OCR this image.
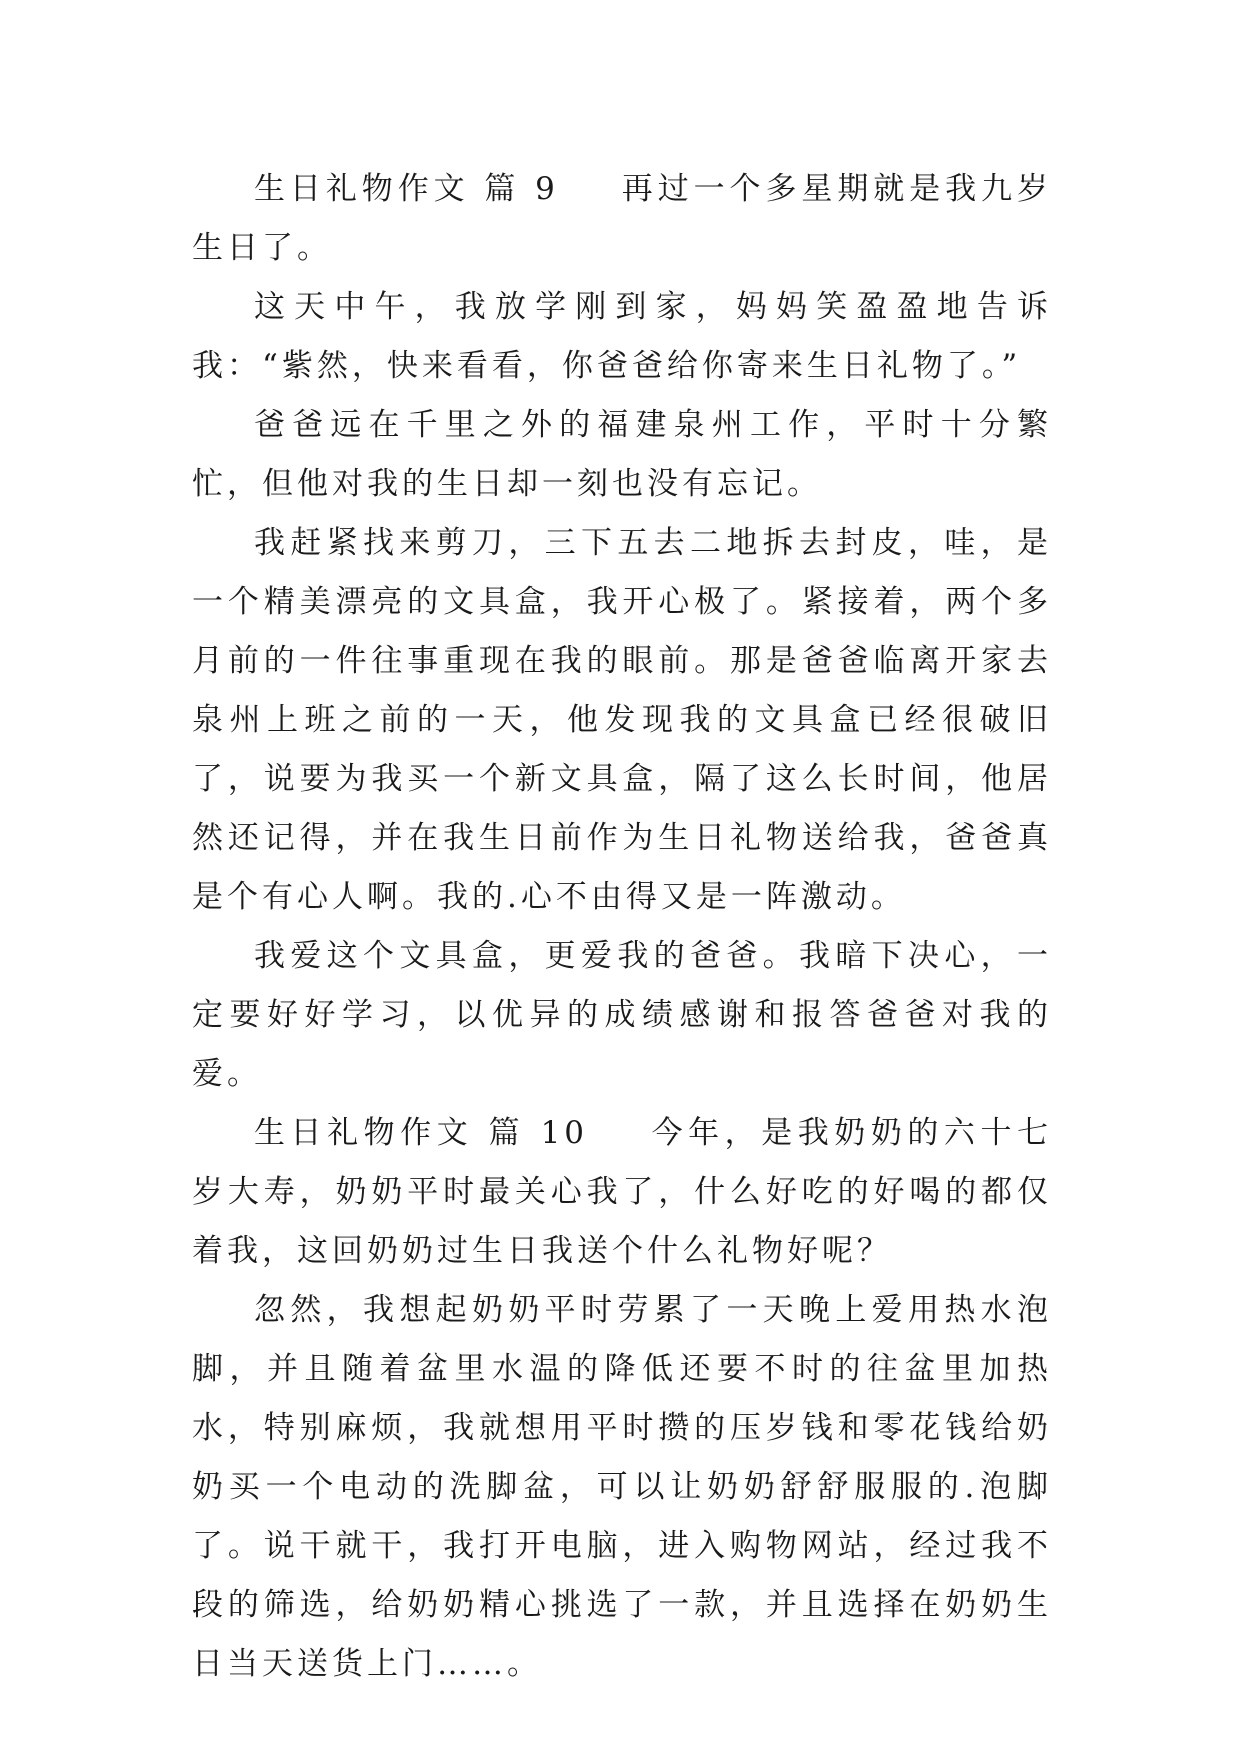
生日礼物作文 篇 9 再过一个多星期就是我九岁生日了。

这天中午，我放学刚到家，妈妈笑盈盈地告诉我：“紫然，快来看看，你爸爸给你寄来生日礼物了。”

爸爸远在千里之外的福建泉州工作，平时十分繁忙，但他对我的生日却一刻也没有忘记。

我赶紧找来剪刀，三下五去二地拆去封皮，哇，是一个精美漂亮的文具盒，我开心极了。紧接着，两个多月前的一件往事重现在我的眼前。那是爸爸临离开家去泉州上班之前的一天，他发现我的文具盒已经很破旧了，说要为我买一个新文具盒，隔了这么长时间，他居然还记得，并在我生日前作为生日礼物送给我，爸爸真是个有心人啊。我的.心不由得又是一阵激动。

我爱这个文具盒，更爱我的爸爸。我暗下决心，一定要好好学习，以优异的成绩感谢和报答爸爸对我的爱。

生日礼物作文 篇 10 今年，是我奶奶的六十七岁大寿，奶奶平时最关心我了，什么好吃的好喝的都仅着我，这回奶奶过生日我送个什么礼物好呢？

忽然，我想起奶奶平时劳累了一天晚上爱用热水泡脚，并且随着盆里水温的降低还要不时的往盆里加热水，特别麻烦，我就想用平时攒的压岁钱和零花钱给奶奶买一个电动的洗脚盆，可以让奶奶舒舒服服的.泡脚了。说干就干，我打开电脑，进入购物网站，经过我不段的筛选，给奶奶精心挑选了一款，并且选择在奶奶生日当天送货上门……。
